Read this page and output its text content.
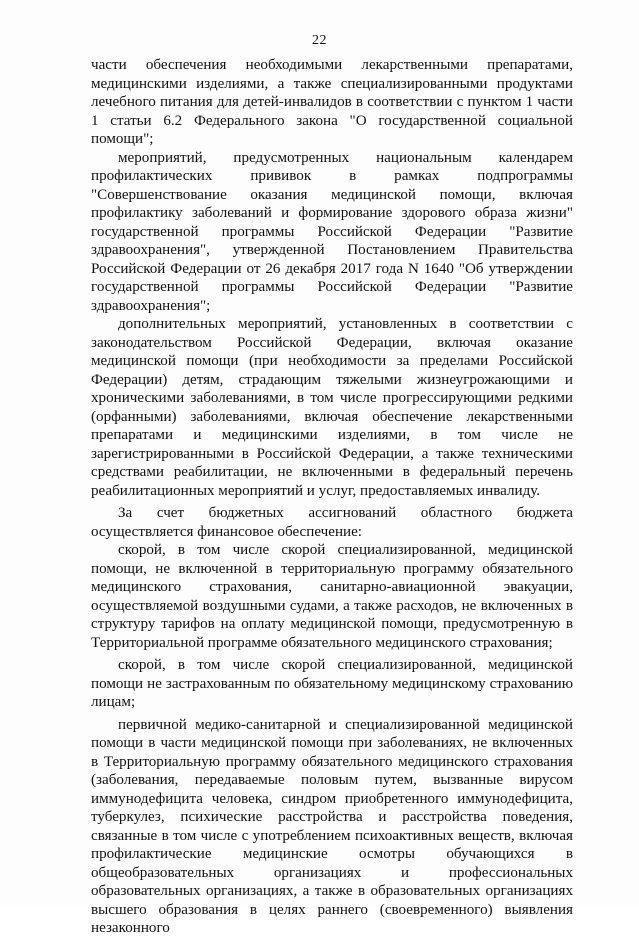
22

части обеспечения необходимыми лекарственными препаратами, медицинскими изделиями, а также специализированными продуктами лечебного питания для детей-инвалидов в соответствии с пунктом 1 части 1 статьи 6.2 Федерального закона "О государственной социальной помощи";

мероприятий, предусмотренных национальным календарем профилактических прививок в рамках подпрограммы "Совершенствование оказания медицинской помощи, включая профилактику заболеваний и формирование здорового образа жизни" государственной программы Российской Федерации "Развитие здравоохранения", утвержденной Постановлением Правительства Российской Федерации от 26 декабря 2017 года N 1640 "Об утверждении государственной программы Российской Федерации "Развитие здравоохранения";

дополнительных мероприятий, установленных в соответствии с законодательством Российской Федерации, включая оказание медицинской помощи (при необходимости за пределами Российской Федерации) детям, страдающим тяжелыми жизнеугрожающими и хроническими заболеваниями, в том числе прогрессирующими редкими (орфанными) заболеваниями, включая обеспечение лекарственными препаратами и медицинскими изделиями, в том числе не зарегистрированными в Российской Федерации, а также техническими средствами реабилитации, не включенными в федеральный перечень реабилитационных мероприятий и услуг, предоставляемых инвалиду.

За счет бюджетных ассигнований областного бюджета осуществляется финансовое обеспечение:

скорой, в том числе скорой специализированной, медицинской помощи, не включенной в территориальную программу обязательного медицинского страхования, санитарно-авиационной эвакуации, осуществляемой воздушными судами, а также расходов, не включенных в структуру тарифов на оплату медицинской помощи, предусмотренную в Территориальной программе обязательного медицинского страхования;

скорой, в том числе скорой специализированной, медицинской помощи не застрахованным по обязательному медицинскому страхованию лицам;

первичной медико-санитарной и специализированной медицинской помощи в части медицинской помощи при заболеваниях, не включенных в Территориальную программу обязательного медицинского страхования (заболевания, передаваемые половым путем, вызванные вирусом иммунодефицита человека, синдром приобретенного иммунодефицита, туберкулез, психические расстройства и расстройства поведения, связанные в том числе с употреблением психоактивных веществ, включая профилактические медицинские осмотры обучающихся в общеобразовательных организациях и профессиональных образовательных организациях, а также в образовательных организациях высшего образования в целях раннего (своевременного) выявления незаконного
